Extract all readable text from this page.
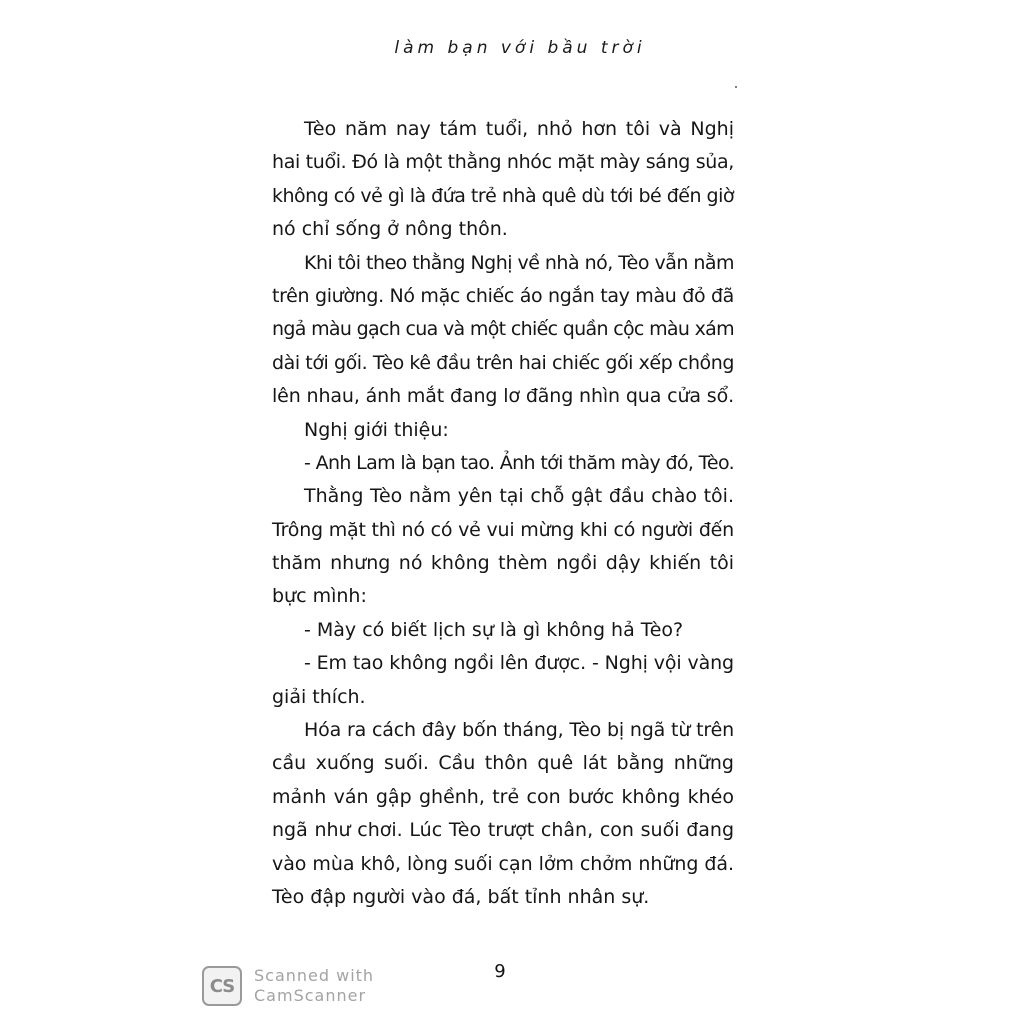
làm bạn với bầu trời
Tèo năm nay tám tuổi, nhỏ hơn tôi và Nghị
hai tuổi. Đó là một thằng nhóc mặt mày sáng sủa,
không có vẻ gì là đứa trẻ nhà quê dù tới bé đến giờ
nó chỉ sống ở nông thôn.
Khi tôi theo thằng Nghị về nhà nó, Tèo vẫn nằm
trên giường. Nó mặc chiếc áo ngắn tay màu đỏ đã
ngả màu gạch cua và một chiếc quần cộc màu xám
dài tới gối. Tèo kê đầu trên hai chiếc gối xếp chồng
lên nhau, ánh mắt đang lơ đãng nhìn qua cửa sổ.
Nghị giới thiệu:
- Anh Lam là bạn tao. Ảnh tới thăm mày đó, Tèo.
Thằng Tèo nằm yên tại chỗ gật đầu chào tôi.
Trông mặt thì nó có vẻ vui mừng khi có người đến
thăm nhưng nó không thèm ngồi dậy khiến tôi
bực mình:
- Mày có biết lịch sự là gì không hả Tèo?
- Em tao không ngồi lên được. - Nghị vội vàng
giải thích.
Hóa ra cách đây bốn tháng, Tèo bị ngã từ trên
cầu xuống suối. Cầu thôn quê lát bằng những
mảnh ván gập ghềnh, trẻ con bước không khéo
ngã như chơi. Lúc Tèo trượt chân, con suối đang
vào mùa khô, lòng suối cạn lởm chởm những đá.
Tèo đập người vào đá, bất tỉnh nhân sự.
9
CS	Scanned with
CamScanner
